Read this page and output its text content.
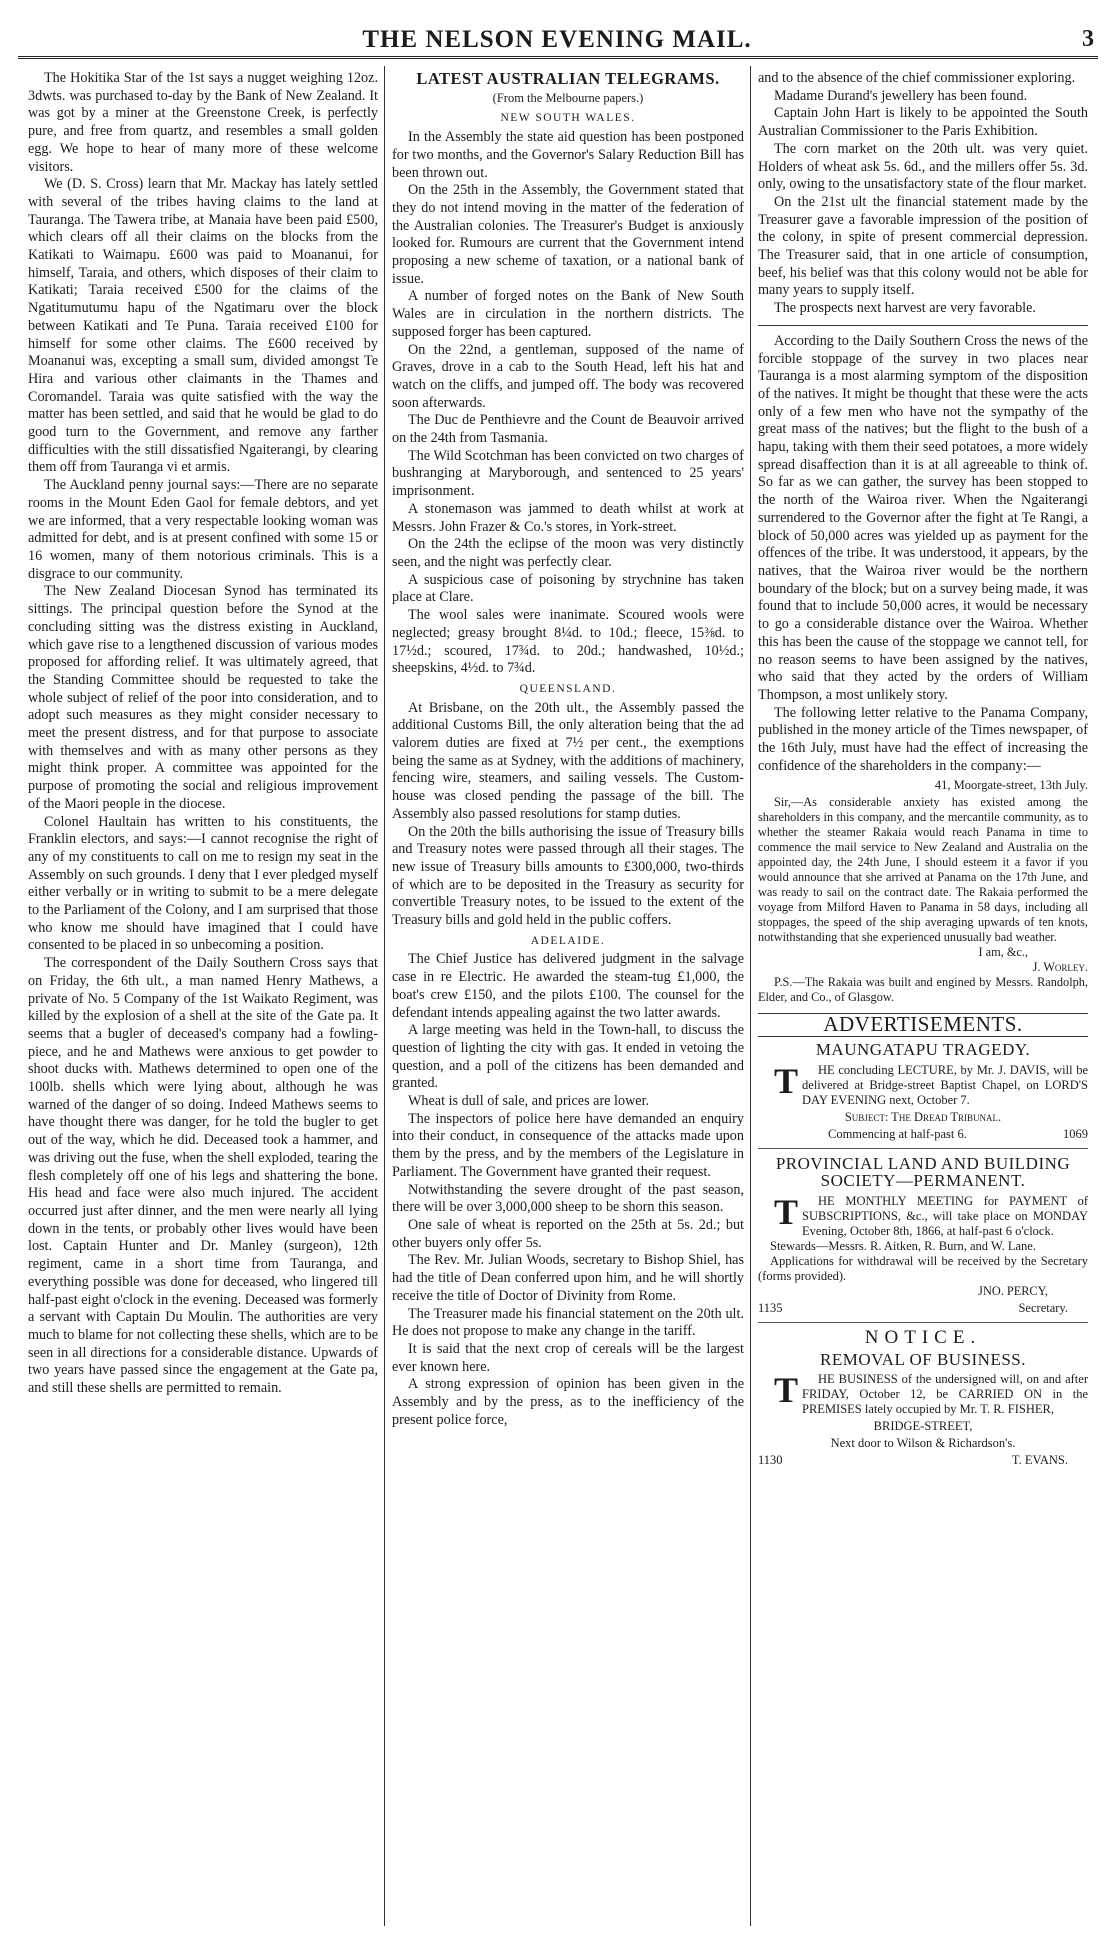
THE NELSON EVENING MAIL.	3

The Hokitika Star of the 1st says a nugget weighing 12oz. 3dwts. was purchased to-day by the Bank of New Zealand. It was got by a miner at the Greenstone Creek, is perfectly pure, and free from quartz, and resembles a small golden egg. We hope to hear of many more of these welcome visitors.

We (D. S. Cross) learn that Mr. Mackay has lately settled with several of the tribes having claims to the land at Tauranga. The Tawera tribe, at Manaia have been paid £500, which clears off all their claims on the blocks from the Katikati to Waimapu. £600 was paid to Moananui, for himself, Taraia, and others, which disposes of their claim to Katikati; Taraia received £500 for the claims of the Ngatitumutumu hapu of the Ngatimaru over the block between Katikati and Te Puna. Taraia received £100 for himself for some other claims. The £600 received by Moananui was, excepting a small sum, divided amongst Te Hira and various other claimants in the Thames and Coromandel. Taraia was quite satisfied with the way the matter has been settled, and said that he would be glad to do good turn to the Government, and remove any farther difficulties with the still dissatisfied Ngaiterangi, by clearing them off from Tauranga vi et armis.

The Auckland penny journal says:—There are no separate rooms in the Mount Eden Gaol for female debtors, and yet we are informed, that a very respectable looking woman was admitted for debt, and is at present confined with some 15 or 16 women, many of them notorious criminals. This is a disgrace to our community.

The New Zealand Diocesan Synod has terminated its sittings. The principal question before the Synod at the concluding sitting was the distress existing in Auckland, which gave rise to a lengthened discussion of various modes proposed for affording relief. It was ultimately agreed, that the Standing Committee should be requested to take the whole subject of relief of the poor into consideration, and to adopt such measures as they might consider necessary to meet the present distress, and for that purpose to associate with themselves and with as many other persons as they might think proper. A committee was appointed for the purpose of promoting the social and religious improvement of the Maori people in the diocese.

Colonel Haultain has written to his constituents, the Franklin electors, and says:—I cannot recognise the right of any of my constituents to call on me to resign my seat in the Assembly on such grounds. I deny that I ever pledged myself either verbally or in writing to submit to be a mere delegate to the Parliament of the Colony, and I am surprised that those who know me should have imagined that I could have consented to be placed in so unbecoming a position.

The correspondent of the Daily Southern Cross says that on Friday, the 6th ult., a man named Henry Mathews, a private of No. 5 Company of the 1st Waikato Regiment, was killed by the explosion of a shell at the site of the Gate pa. It seems that a bugler of deceased's company had a fowling-piece, and he and Mathews were anxious to get powder to shoot ducks with. Mathews determined to open one of the 100lb. shells which were lying about, although he was warned of the danger of so doing. Indeed Mathews seems to have thought there was danger, for he told the bugler to get out of the way, which he did. Deceased took a hammer, and was driving out the fuse, when the shell exploded, tearing the flesh completely off one of his legs and shattering the bone. His head and face were also much injured. The accident occurred just after dinner, and the men were nearly all lying down in the tents, or probably other lives would have been lost. Captain Hunter and Dr. Manley (surgeon), 12th regiment, came in a short time from Tauranga, and everything possible was done for deceased, who lingered till half-past eight o'clock in the evening. Deceased was formerly a servant with Captain Du Moulin. The authorities are very much to blame for not collecting these shells, which are to be seen in all directions for a considerable distance. Upwards of two years have passed since the engagement at the Gate pa, and still these shells are permitted to remain.

LATEST AUSTRALIAN TELEGRAMS.
(From the Melbourne papers.)
NEW SOUTH WALES.

In the Assembly the state aid question has been postponed for two months, and the Governor's Salary Reduction Bill has been thrown out.

On the 25th in the Assembly, the Government stated that they do not intend moving in the matter of the federation of the Australian colonies. The Treasurer's Budget is anxiously looked for. Rumours are current that the Government intend proposing a new scheme of taxation, or a national bank of issue.

A number of forged notes on the Bank of New South Wales are in circulation in the northern districts. The supposed forger has been captured.

On the 22nd, a gentleman, supposed of the name of Graves, drove in a cab to the South Head, left his hat and watch on the cliffs, and jumped off. The body was recovered soon afterwards.

The Duc de Penthievre and the Count de Beauvoir arrived on the 24th from Tasmania.

The Wild Scotchman has been convicted on two charges of bushranging at Maryborough, and sentenced to 25 years' imprisonment.

A stonemason was jammed to death whilst at work at Messrs. John Frazer & Co.'s stores, in York-street.

On the 24th the eclipse of the moon was very distinctly seen, and the night was perfectly clear.

A suspicious case of poisoning by strychnine has taken place at Clare.

The wool sales were inanimate. Scoured wools were neglected; greasy brought 8¼d. to 10d.; fleece, 15⅜d. to 17½d.; scoured, 17¾d. to 20d.; handwashed, 10½d.; sheepskins, 4½d. to 7¾d.

QUEENSLAND.

At Brisbane, on the 20th ult., the Assembly passed the additional Customs Bill, the only alteration being that the ad valorem duties are fixed at 7½ per cent., the exemptions being the same as at Sydney, with the additions of machinery, fencing wire, steamers, and sailing vessels. The Custom-house was closed pending the passage of the bill. The Assembly also passed resolutions for stamp duties.

On the 20th the bills authorising the issue of Treasury bills and Treasury notes were passed through all their stages. The new issue of Treasury bills amounts to £300,000, two-thirds of which are to be deposited in the Treasury as security for convertible Treasury notes, to be issued to the extent of the Treasury bills and gold held in the public coffers.

ADELAIDE.

The Chief Justice has delivered judgment in the salvage case in re Electric. He awarded the steam-tug £1,000, the boat's crew £150, and the pilots £100. The counsel for the defendant intends appealing against the two latter awards.

A large meeting was held in the Town-hall, to discuss the question of lighting the city with gas. It ended in vetoing the question, and a poll of the citizens has been demanded and granted.

Wheat is dull of sale, and prices are lower.

The inspectors of police here have demanded an enquiry into their conduct, in consequence of the attacks made upon them by the press, and by the members of the Legislature in Parliament. The Government have granted their request.

Notwithstanding the severe drought of the past season, there will be over 3,000,000 sheep to be shorn this season.

One sale of wheat is reported on the 25th at 5s. 2d.; but other buyers only offer 5s.

The Rev. Mr. Julian Woods, secretary to Bishop Shiel, has had the title of Dean conferred upon him, and he will shortly receive the title of Doctor of Divinity from Rome.

The Treasurer made his financial statement on the 20th ult. He does not propose to make any change in the tariff.

It is said that the next crop of cereals will be the largest ever known here.

A strong expression of opinion has been given in the Assembly and by the press, as to the inefficiency of the present police force,

and to the absence of the chief commissioner exploring.

Madame Durand's jewellery has been found.

Captain John Hart is likely to be appointed the South Australian Commissioner to the Paris Exhibition.

The corn market on the 20th ult. was very quiet. Holders of wheat ask 5s. 6d., and the millers offer 5s. 3d. only, owing to the unsatisfactory state of the flour market.

On the 21st ult the financial statement made by the Treasurer gave a favorable impression of the position of the colony, in spite of present commercial depression. The Treasurer said, that in one article of consumption, beef, his belief was that this colony would not be able for many years to supply itself.

The prospects next harvest are very favorable.

According to the Daily Southern Cross the news of the forcible stoppage of the survey in two places near Tauranga is a most alarming symptom of the disposition of the natives. It might be thought that these were the acts only of a few men who have not the sympathy of the great mass of the natives; but the flight to the bush of a hapu, taking with them their seed potatoes, a more widely spread disaffection than it is at all agreeable to think of. So far as we can gather, the survey has been stopped to the north of the Wairoa river. When the Ngaiterangi surrendered to the Governor after the fight at Te Rangi, a block of 50,000 acres was yielded up as payment for the offences of the tribe. It was understood, it appears, by the natives, that the Wairoa river would be the northern boundary of the block; but on a survey being made, it was found that to include 50,000 acres, it would be necessary to go a considerable distance over the Wairoa. Whether this has been the cause of the stoppage we cannot tell, for no reason seems to have been assigned by the natives, who said that they acted by the orders of William Thompson, a most unlikely story.

The following letter relative to the Panama Company, published in the money article of the Times newspaper, of the 16th July, must have had the effect of increasing the confidence of the shareholders in the company:—

41, Moorgate-street, 13th July.

Sir,—As considerable anxiety has existed among the shareholders in this company, and the mercantile community, as to whether the steamer Rakaia would reach Panama in time to commence the mail service to New Zealand and Australia on the appointed day, the 24th June, I should esteem it a favor if you would announce that she arrived at Panama on the 17th June, and was ready to sail on the contract date. The Rakaia performed the voyage from Milford Haven to Panama in 58 days, including all stoppages, the speed of the ship averaging upwards of ten knots, notwithstanding that she experienced unusually bad weather.

I am, &c.,

J. Worley.

P.S.—The Rakaia was built and engined by Messrs. Randolph, Elder, and Co., of Glasgow.

ADVERTISEMENTS.
MAUNGATAPU TRAGEDY.

T HE concluding LECTURE, by Mr. J. DAVIS, will be delivered at Bridge-street Baptist Chapel, on LORD'S DAY EVENING next, October 7.

Subject: The Dread Tribunal.
Commencing at half-past 6.	1069
PROVINCIAL LAND AND BUILDING SOCIETY—PERMANENT.

T HE MONTHLY MEETING for PAYMENT of SUBSCRIPTIONS, &c., will take place on MONDAY Evening, October 8th, 1866, at half-past 6 o'clock.

Stewards—Messrs. R. Aitken, R. Burn, and W. Lane.

Applications for withdrawal will be received by the Secretary (forms provided).

JNO. PERCY,
1135	Secretary.
NOTICE.
REMOVAL OF BUSINESS.

T HE BUSINESS of the undersigned will, on and after FRIDAY, October 12, be CARRIED ON in the PREMISES lately occupied by Mr. T. R. FISHER,

BRIDGE-STREET,
Next door to Wilson & Richardson's.
1130	T. EVANS.
